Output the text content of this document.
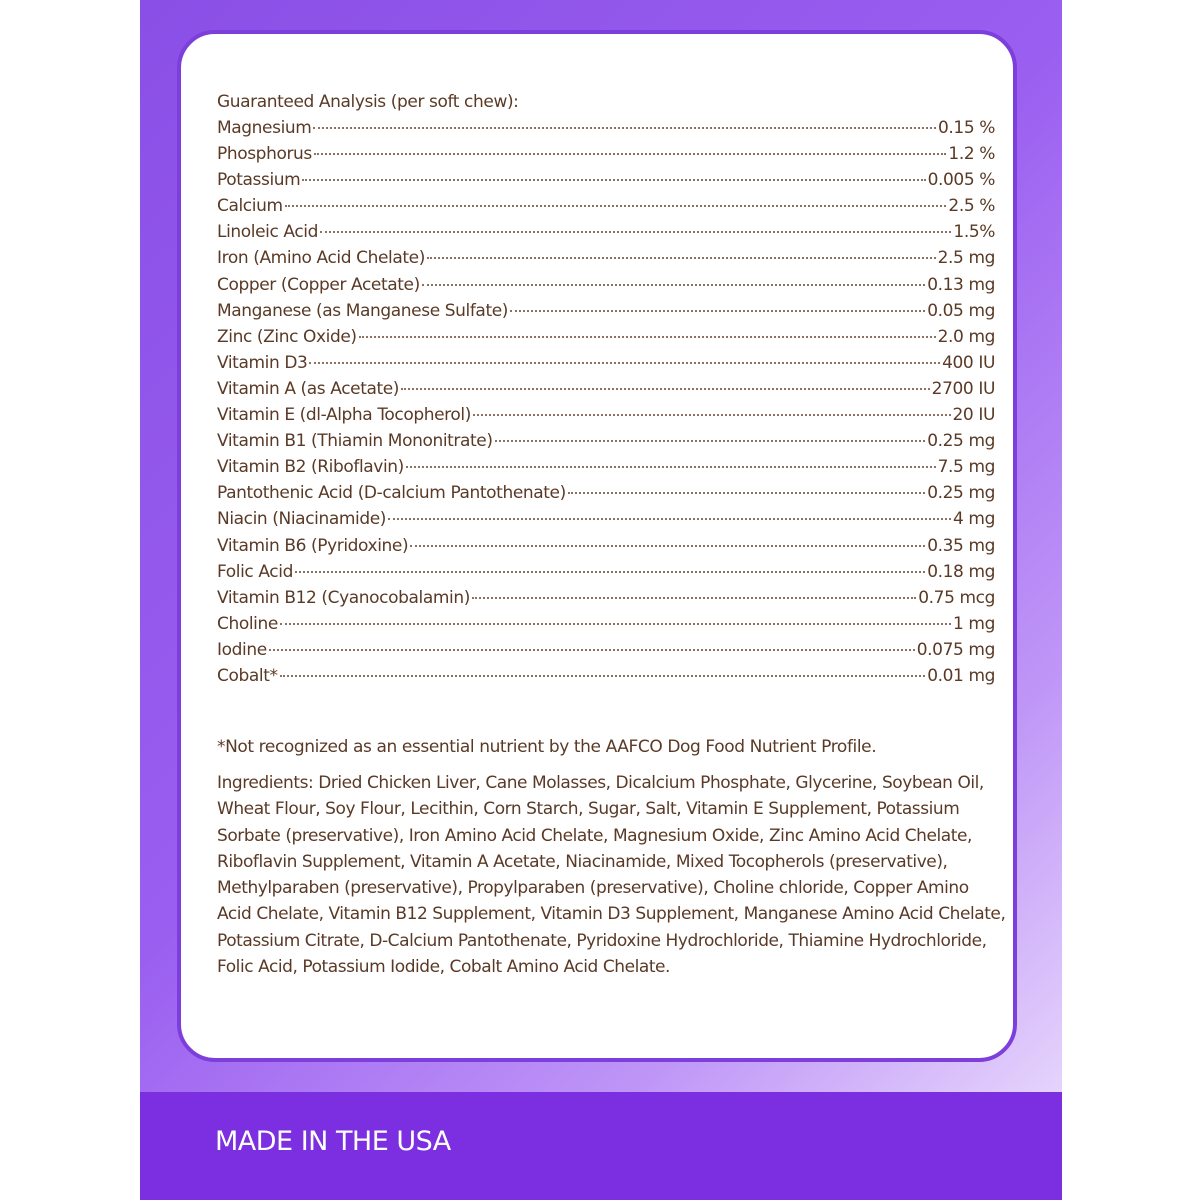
Guaranteed Analysis (per soft chew):
Magnesium	0.15 %
Phosphorus	1.2 %
Potassium	0.005 %
Calcium	2.5 %
Linoleic Acid	1.5%
Iron (Amino Acid Chelate)	2.5 mg
Copper (Copper Acetate)	0.13 mg
Manganese (as Manganese Sulfate)	0.05 mg
Zinc (Zinc Oxide)	2.0 mg
Vitamin D3	400 IU
Vitamin A (as Acetate)	2700 IU
Vitamin E (dl-Alpha Tocopherol)	20 IU
Vitamin B1 (Thiamin Mononitrate)	0.25 mg
Vitamin B2 (Riboflavin)	7.5 mg
Pantothenic Acid (D-calcium Pantothenate)	0.25 mg
Niacin (Niacinamide)	4 mg
Vitamin B6 (Pyridoxine)	0.35 mg
Folic Acid	0.18 mg
Vitamin B12 (Cyanocobalamin)	0.75 mcg
Choline	1 mg
Iodine	0.075 mg
Cobalt*	0.01 mg
*Not recognized as an essential nutrient by the AAFCO Dog Food Nutrient Profile.
Ingredients: Dried Chicken Liver, Cane Molasses, Dicalcium Phosphate, Glycerine, Soybean Oil, Wheat Flour, Soy Flour, Lecithin, Corn Starch, Sugar, Salt, Vitamin E Supplement, Potassium Sorbate (preservative), Iron Amino Acid Chelate, Magnesium Oxide, Zinc Amino Acid Chelate, Riboflavin Supplement, Vitamin A Acetate, Niacinamide, Mixed Tocopherols (preservative), Methylparaben (preservative), Propylparaben (preservative), Choline chloride, Copper Amino Acid Chelate, Vitamin B12 Supplement, Vitamin D3 Supplement, Manganese Amino Acid Chelate, Potassium Citrate, D-Calcium Pantothenate, Pyridoxine Hydrochloride, Thiamine Hydrochloride, Folic Acid, Potassium Iodide, Cobalt Amino Acid Chelate.
MADE IN THE USA
